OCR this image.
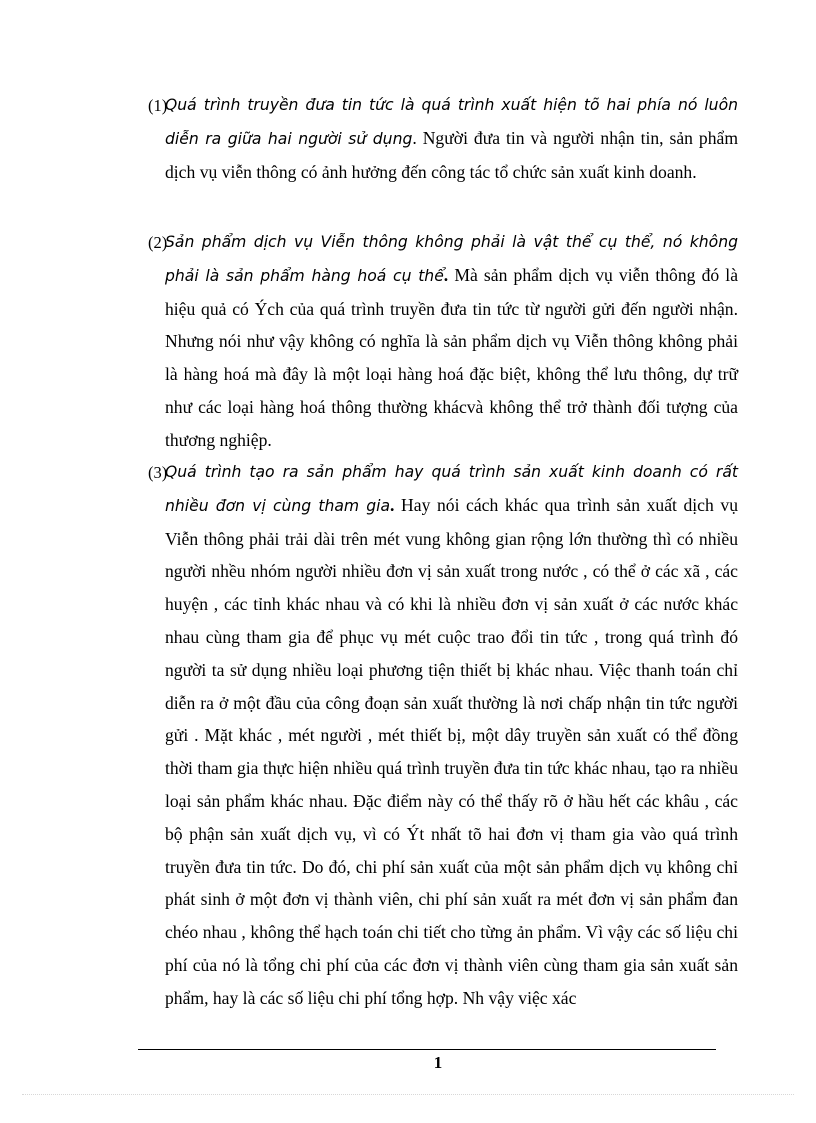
(1)
Quá trình truyền đưa tin tức là quá trình xuất hiện tõ hai phía nó luôn diễn ra giữa hai người sử dụng. Người đưa tin và người nhận tin, sản phẩm dịch vụ viễn thông có ảnh hưởng đến công tác tổ chức sản xuất kinh doanh.
(2)
Sản phẩm dịch vụ Viễn thông không phải là vật thể cụ thể, nó không phải là sản phẩm hàng hoá cụ thể. Mà sản phẩm dịch vụ viễn thông đó là hiệu quả có Ých của quá trình truyền đưa tin tức từ người gửi đến người nhận. Nhưng nói như vậy không có nghĩa là sản phẩm dịch vụ Viễn thông không phải là hàng hoá mà đây là một loại hàng hoá đặc biệt, không thể lưu thông, dự trữ như các loại hàng hoá thông thường khácvà không thể trở thành đối tượng của thương nghiệp.
(3)
Quá trình tạo ra sản phẩm hay quá trình sản xuất kinh doanh có rất nhiều đơn vị cùng tham gia. Hay nói cách khác qua trình sản xuất dịch vụ Viễn thông phải trải dài trên mét vung không gian rộng lớn thường thì có nhiều người nhều nhóm người nhiều đơn vị sản xuất trong nước , có thể ở các xã , các huyện , các tỉnh khác nhau và có khi là nhiều đơn vị sản xuất ở các nước khác nhau cùng tham gia để phục vụ mét cuộc trao đổi tin tức , trong quá trình đó người ta sử dụng nhiều loại phương tiện thiết bị khác nhau. Việc thanh toán chỉ diễn ra ở một đầu của công đoạn sản xuất thường là nơi chấp nhận tin tức người gửi . Mặt khác , mét người , mét thiết bị, một dây truyền sản xuất có thể đồng thời tham gia thực hiện nhiều quá trình truyền đưa tin tức khác nhau, tạo ra nhiều loại sản phẩm khác nhau. Đặc điểm này có thể thấy rõ ở hầu hết các khâu , các bộ phận sản xuất dịch vụ, vì có Ýt nhất tõ hai đơn vị tham gia vào quá trình truyền đưa tin tức. Do đó, chi phí sản xuất của một sản phẩm dịch vụ không chỉ phát sinh ở một đơn vị thành viên, chi phí sản xuất ra mét đơn vị sản phẩm đan chéo nhau , không thể hạch toán chi tiết cho từng ản phẩm. Vì vậy các số liệu chi phí của nó là tổng chi phí của các đơn vị thành viên cùng tham gia sản xuất sản phẩm, hay là các số liệu chi phí tổng hợp. Nh vậy việc xác
1
